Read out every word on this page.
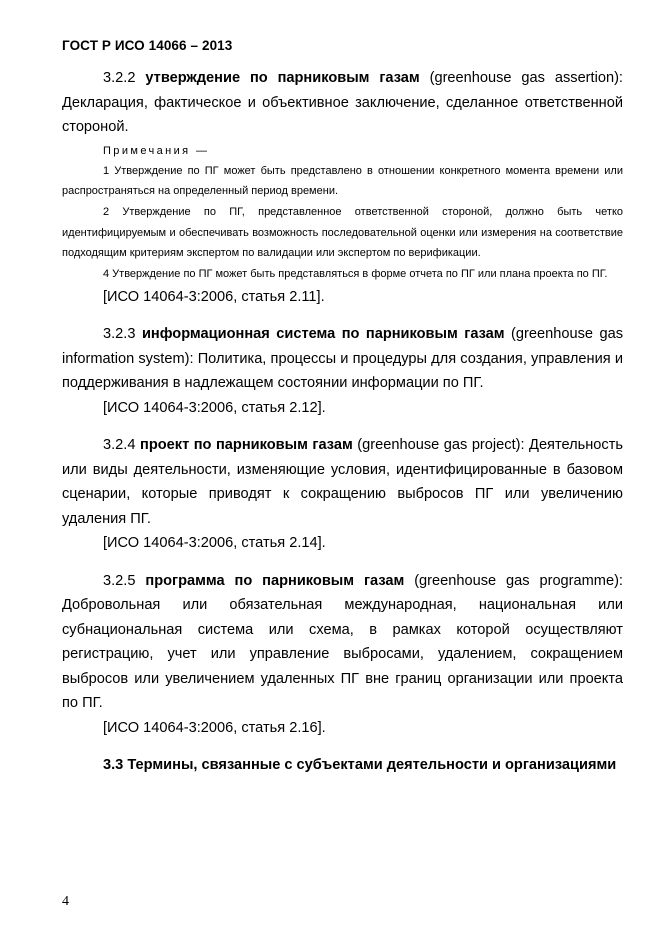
ГОСТ Р ИСО 14066 – 2013

3.2.2 утверждение по парниковым газам (greenhouse gas assertion): Декларация, фактическое и объективное заключение, сделанное ответственной стороной.

Примечания —

1 Утверждение по ПГ может быть представлено в отношении конкретного момента времени или распространяться на определенный период времени.

2 Утверждение по ПГ, представленное ответственной стороной, должно быть четко идентифицируемым и обеспечивать возможность последовательной оценки или измерения на соответствие подходящим критериям экспертом по валидации или экспертом по верификации.

4 Утверждение по ПГ может быть представляться в форме отчета по ПГ или плана проекта по ПГ.

[ИСО 14064-3:2006, статья 2.11].

3.2.3 информационная система по парниковым газам (greenhouse gas information system): Политика, процессы и процедуры для создания, управления и поддерживания в надлежащем состоянии информации по ПГ.

[ИСО 14064-3:2006, статья 2.12].

3.2.4 проект по парниковым газам (greenhouse gas project): Деятельность или виды деятельности, изменяющие условия, идентифицированные в базовом сценарии, которые приводят к сокращению выбросов ПГ или увеличению удаления ПГ.

[ИСО 14064-3:2006, статья 2.14].

3.2.5 программа по парниковым газам (greenhouse gas programme): Добровольная или обязательная международная, национальная или субнациональная система или схема, в рамках которой осуществляют регистрацию, учет или управление выбросами, удалением, сокращением выбросов или увеличением удаленных ПГ вне границ организации или проекта по ПГ.

[ИСО 14064-3:2006, статья 2.16].

3.3 Термины, связанные с субъектами деятельности и организациями

4
